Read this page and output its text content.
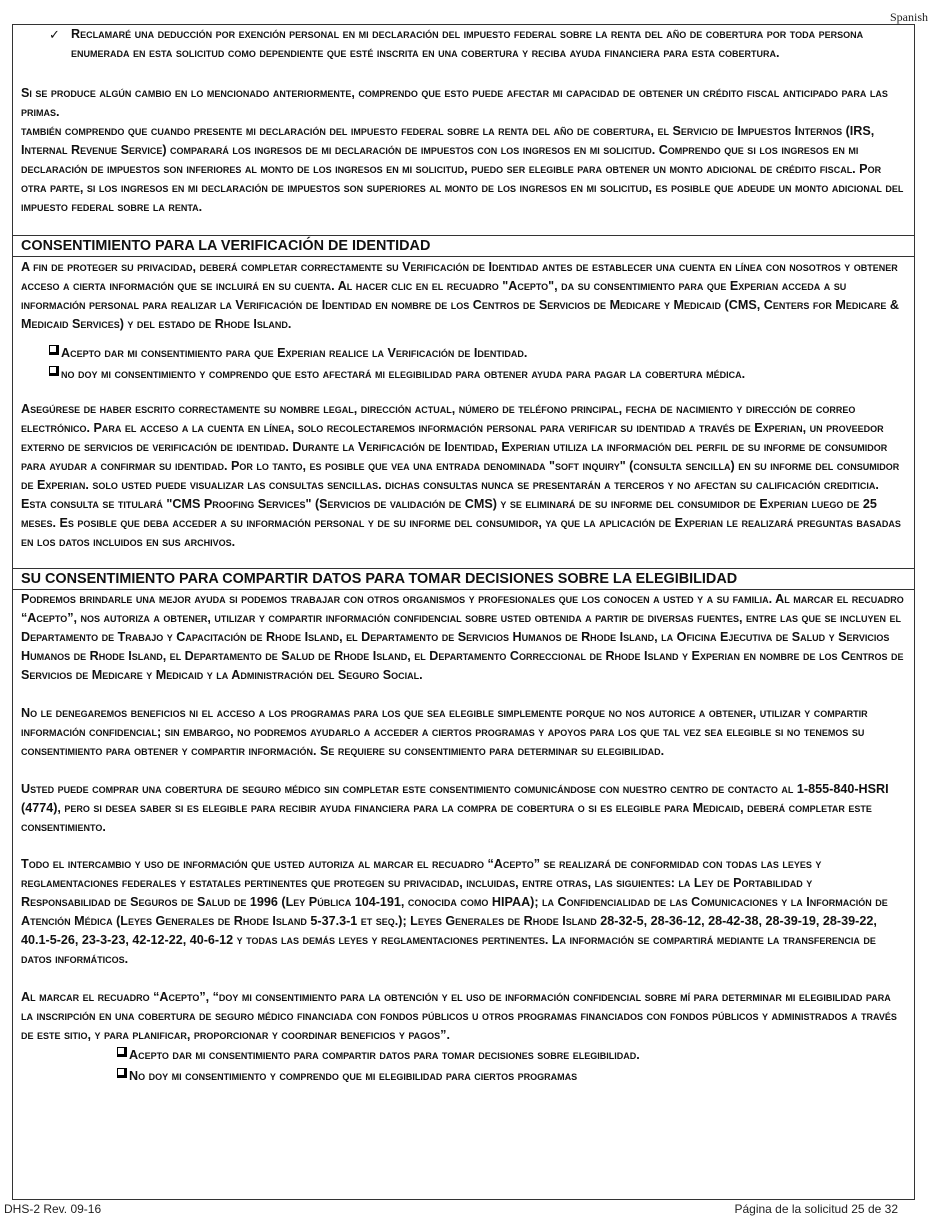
Spanish
✓ Reclamaré una deducción por exención personal en mi declaración del impuesto federal sobre la renta del año de cobertura por toda persona enumerada en esta solicitud como dependiente que esté inscrita en una cobertura y reciba ayuda financiera para esta cobertura.
Si se produce algún cambio en lo mencionado anteriormente, comprendo que esto puede afectar mi capacidad de obtener un crédito fiscal anticipado para las primas.
también comprendo que cuando presente mi declaración del impuesto federal sobre la renta del año de cobertura, el Servicio de Impuestos Internos (IRS, Internal Revenue Service) comparará los ingresos de mi declaración de impuestos con los ingresos en mi solicitud. Comprendo que si los ingresos en mi declaración de impuestos son inferiores al monto de los ingresos en mi solicitud, puedo ser elegible para obtener un monto adicional de crédito fiscal. Por otra parte, si los ingresos en mi declaración de impuestos son superiores al monto de los ingresos en mi solicitud, es posible que adeude un monto adicional del impuesto federal sobre la renta.
CONSENTIMIENTO PARA LA VERIFICACIÓN DE IDENTIDAD
A fin de proteger su privacidad, deberá completar correctamente su Verificación de Identidad antes de establecer una cuenta en línea con nosotros y obtener acceso a cierta información que se incluirá en su cuenta. Al hacer clic en el recuadro "Acepto", da su consentimiento para que Experian acceda a su información personal para realizar la Verificación de Identidad en nombre de los Centros de Servicios de Medicare y Medicaid (CMS, Centers for Medicare & Medicaid Services) y del estado de Rhode Island.
Acepto dar mi consentimiento para que Experian realice la Verificación de Identidad.
no doy mi consentimiento y comprendo que esto afectará mi elegibilidad para obtener ayuda para pagar la cobertura médica.
Asegúrese de haber escrito correctamente su nombre legal, dirección actual, número de teléfono principal, fecha de nacimiento y dirección de correo electrónico. Para el acceso a la cuenta en línea, solo recolectaremos información personal para verificar su identidad a través de Experian, un proveedor externo de servicios de verificación de identidad. Durante la Verificación de Identidad, Experian utiliza la información del perfil de su informe de consumidor para ayudar a confirmar su identidad. Por lo tanto, es posible que vea una entrada denominada "soft inquiry" (consulta sencilla) en su informe del consumidor de Experian. solo usted puede visualizar las consultas sencillas. dichas consultas nunca se presentarán a terceros y no afectan su calificación crediticia. Esta consulta se titulará "CMS Proofing Services" (Servicios de validación de CMS) y se eliminará de su informe del consumidor de Experian luego de 25 meses. Es posible que deba acceder a su información personal y de su informe del consumidor, ya que la aplicación de Experian le realizará preguntas basadas en los datos incluidos en sus archivos.
SU CONSENTIMIENTO PARA COMPARTIR DATOS PARA TOMAR DECISIONES SOBRE LA ELEGIBILIDAD
Podremos brindarle una mejor ayuda si podemos trabajar con otros organismos y profesionales que los conocen a usted y a su familia. Al marcar el recuadro “Acepto”, nos autoriza a obtener, utilizar y compartir información confidencial sobre usted obtenida a partir de diversas fuentes, entre las que se incluyen el Departamento de Trabajo y Capacitación de Rhode Island, el Departamento de Servicios Humanos de Rhode Island, la Oficina Ejecutiva de Salud y Servicios Humanos de Rhode Island, el Departamento de Salud de Rhode Island, el Departamento Correccional de Rhode Island y Experian en nombre de los Centros de Servicios de Medicare y Medicaid y la Administración del Seguro Social.
No le denegaremos beneficios ni el acceso a los programas para los que sea elegible simplemente porque no nos autorice a obtener, utilizar y compartir información confidencial; sin embargo, no podremos ayudarlo a acceder a ciertos programas y apoyos para los que tal vez sea elegible si no tenemos su consentimiento para obtener y compartir información. Se requiere su consentimiento para determinar su elegibilidad.
Usted puede comprar una cobertura de seguro médico sin completar este consentimiento comunicándose con nuestro centro de contacto al 1-855-840-HSRI (4774), pero si desea saber si es elegible para recibir ayuda financiera para la compra de cobertura o si es elegible para Medicaid, deberá completar este consentimiento.
Todo el intercambio y uso de información que usted autoriza al marcar el recuadro “Acepto” se realizará de conformidad con todas las leyes y reglamentaciones federales y estatales pertinentes que protegen su privacidad, incluidas, entre otras, las siguientes: la Ley de Portabilidad y Responsabilidad de Seguros de Salud de 1996 (Ley Pública 104-191, conocida como HIPAA); la Confidencialidad de las Comunicaciones y la Información de Atención Médica (Leyes Generales de Rhode Island 5-37.3-1 et seq.); Leyes Generales de Rhode Island 28-32-5, 28-36-12, 28-42-38, 28-39-19, 28-39-22, 40.1-5-26, 23-3-23, 42-12-22, 40-6-12 y todas las demás leyes y reglamentaciones pertinentes. La información se compartirá mediante la transferencia de datos informáticos.
Al marcar el recuadro “Acepto”, “doy mi consentimiento para la obtención y el uso de información confidencial sobre mí para determinar mi elegibilidad para la inscripción en una cobertura de seguro médico financiada con fondos públicos u otros programas financiados con fondos públicos y administrados a través de este sitio, y para planificar, proporcionar y coordinar beneficios y pagos”.
Acepto dar mi consentimiento para compartir datos para tomar decisiones sobre elegibilidad.
No doy mi consentimiento y comprendo que mi elegibilidad para ciertos programas
DHS-2 Rev. 09-16	Página de la solicitud 25 de 32
